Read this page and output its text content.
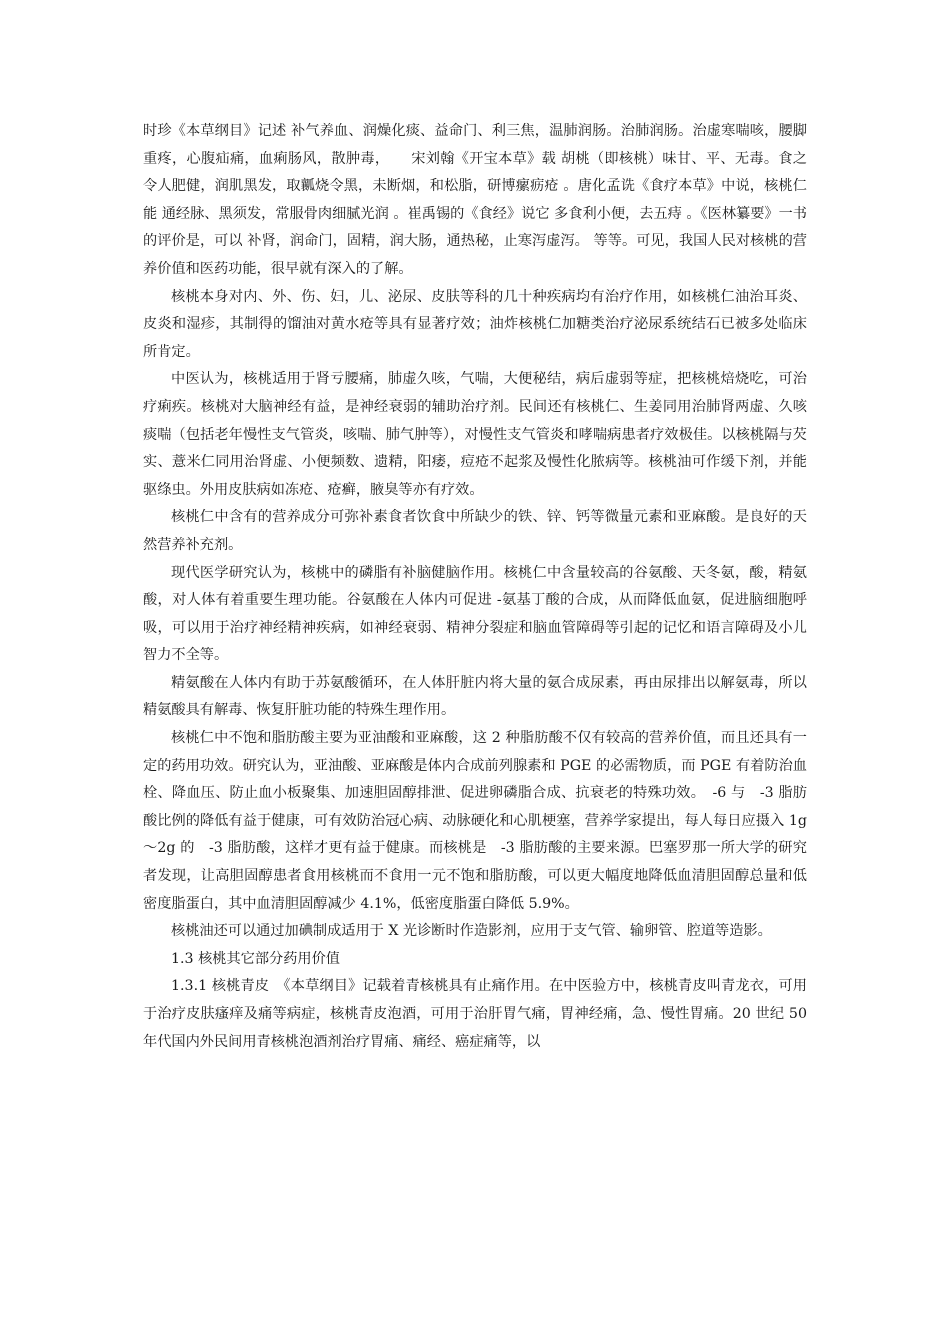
时珍《本草纲目》记述 补气养血、润燥化痰、益命门、利三焦，温肺润肠。治肺润肠。治虚寒喘咳，腰脚重疼，心腹疝痛，血痢肠风，散肿毒，　　宋刘翰《开宝本草》载 胡桃（即核桃）味甘、平、无毒。食之令人肥健，润肌黑发，取瓤烧令黑，未断烟，和松脂，研博瘰疬疮 。唐化孟诜《食疗本草》中说，核桃仁能 通经脉、黑须发，常服骨肉细腻光润 。崔禹锡的《食经》说它 多食利小便，去五痔 。《医林纂要》一书的评价是，可以 补肾，润命门，固精，润大肠，通热秘，止寒泻虚泻。 等等。可见，我国人民对核桃的营养价值和医药功能，很早就有深入的了解。

核桃本身对内、外、伤、妇，儿、泌尿、皮肤等科的几十种疾病均有治疗作用，如核桃仁油治耳炎、皮炎和湿疹，其制得的馏油对黄水疮等具有显著疗效；油炸核桃仁加糖类治疗泌尿系统结石已被多处临床所肯定。

中医认为，核桃适用于肾亏腰痛，肺虚久咳，气喘，大便秘结，病后虚弱等症，把核桃焙烧吃，可治疗痢疾。核桃对大脑神经有益，是神经衰弱的辅助治疗剂。民间还有核桃仁、生姜同用治肺肾两虚、久咳痰喘（包括老年慢性支气管炎，咳喘、肺气肿等），对慢性支气管炎和哮喘病患者疗效极佳。以核桃隔与芡实、薏米仁同用治肾虚、小便频数、遗精，阳痿，痘疮不起浆及慢性化脓病等。核桃油可作缓下剂，并能驱绦虫。外用皮肤病如冻疮、疮癣，腋臭等亦有疗效。

核桃仁中含有的营养成分可弥补素食者饮食中所缺少的铁、锌、钙等微量元素和亚麻酸。是良好的天然营养补充剂。

现代医学研究认为，核桃中的磷脂有补脑健脑作用。核桃仁中含量较高的谷氨酸、天冬氨，酸，精氨酸，对人体有着重要生理功能。谷氨酸在人体内可促进 -氨基丁酸的合成，从而降低血氨，促进脑细胞呼吸，可以用于治疗神经精神疾病，如神经衰弱、精神分裂症和脑血管障碍等引起的记忆和语言障碍及小儿智力不全等。

精氨酸在人体内有助于苏氨酸循环，在人体肝脏内将大量的氨合成尿素，再由尿排出以解氨毒，所以精氨酸具有解毒、恢复肝脏功能的特殊生理作用。

核桃仁中不饱和脂肪酸主要为亚油酸和亚麻酸，这 2 种脂肪酸不仅有较高的营养价值，而且还具有一定的药用功效。研究认为，亚油酸、亚麻酸是体内合成前列腺素和 PGE 的必需物质，而 PGE 有着防治血栓、降血压、防止血小板聚集、加速胆固醇排泄、促进卵磷脂合成、抗衰老的特殊功效。　-6 与　-3 脂肪酸比例的降低有益于健康，可有效防治冠心病、动脉硬化和心肌梗塞，营养学家提出，每人每日应摄入 1g～2g 的　-3 脂肪酸，这样才更有益于健康。而核桃是　-3 脂肪酸的主要来源。巴塞罗那一所大学的研究者发现，让高胆固醇患者食用核桃而不食用一元不饱和脂肪酸，可以更大幅度地降低血清胆固醇总量和低密度脂蛋白，其中血清胆固醇减少 4.1%，低密度脂蛋白降低 5.9%。

核桃油还可以通过加碘制成适用于 X 光诊断时作造影剂，应用于支气管、输卵管、腔道等造影。

1.3 核桃其它部分药用价值

1.3.1 核桃青皮　《本草纲目》记载着青核桃具有止痛作用。在中医验方中，核桃青皮叫青龙衣，可用于治疗皮肤瘙痒及痛等病症，核桃青皮泡酒，可用于治肝胃气痛，胃神经痛，急、慢性胃痛。20 世纪 50 年代国内外民间用青核桃泡酒剂治疗胃痛、痛经、癌症痛等，以
